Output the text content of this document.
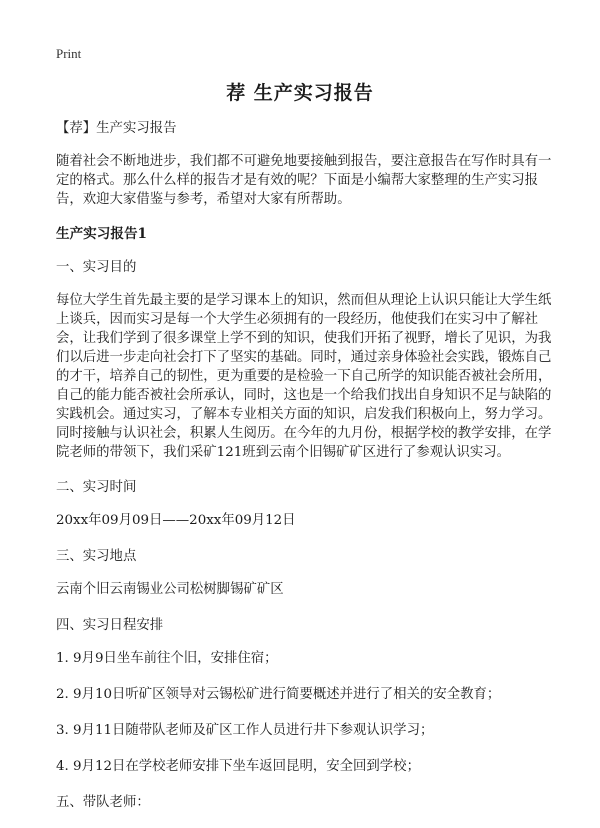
Print
荐 生产实习报告

【荐】生产实习报告

随着社会不断地进步，我们都不可避免地要接触到报告，要注意报告在写作时具有一定的格式。那么什么样的报告才是有效的呢？下面是小编帮大家整理的生产实习报告，欢迎大家借鉴与参考，希望对大家有所帮助。

生产实习报告1

一、实习目的

每位大学生首先最主要的是学习课本上的知识，然而但从理论上认识只能让大学生纸上谈兵，因而实习是每一个大学生必须拥有的一段经历，他使我们在实习中了解社会，让我们学到了很多课堂上学不到的知识，使我们开拓了视野，增长了见识，为我们以后进一步走向社会打下了坚实的基础。同时，通过亲身体验社会实践，锻炼自己的才干，培养自己的韧性，更为重要的是检验一下自己所学的知识能否被社会所用，自己的能力能否被社会所承认，同时，这也是一个给我们找出自身知识不足与缺陷的实践机会。通过实习，了解本专业相关方面的知识，启发我们积极向上，努力学习。同时接触与认识社会，积累人生阅历。在今年的九月份，根据学校的教学安排，在学院老师的带领下，我们采矿121班到云南个旧锡矿矿区进行了参观认识实习。

二、实习时间

20xx年09月09日——20xx年09月12日

三、实习地点

云南个旧云南锡业公司松树脚锡矿矿区

四、实习日程安排

1. 9月9日坐车前往个旧，安排住宿；

2. 9月10日听矿区领导对云锡松矿进行简要概述并进行了相关的安全教育；

3. 9月11日随带队老师及矿区工作人员进行井下参观认识学习；

4. 9月12日在学校老师安排下坐车返回昆明，安全回到学校；

五、带队老师：
